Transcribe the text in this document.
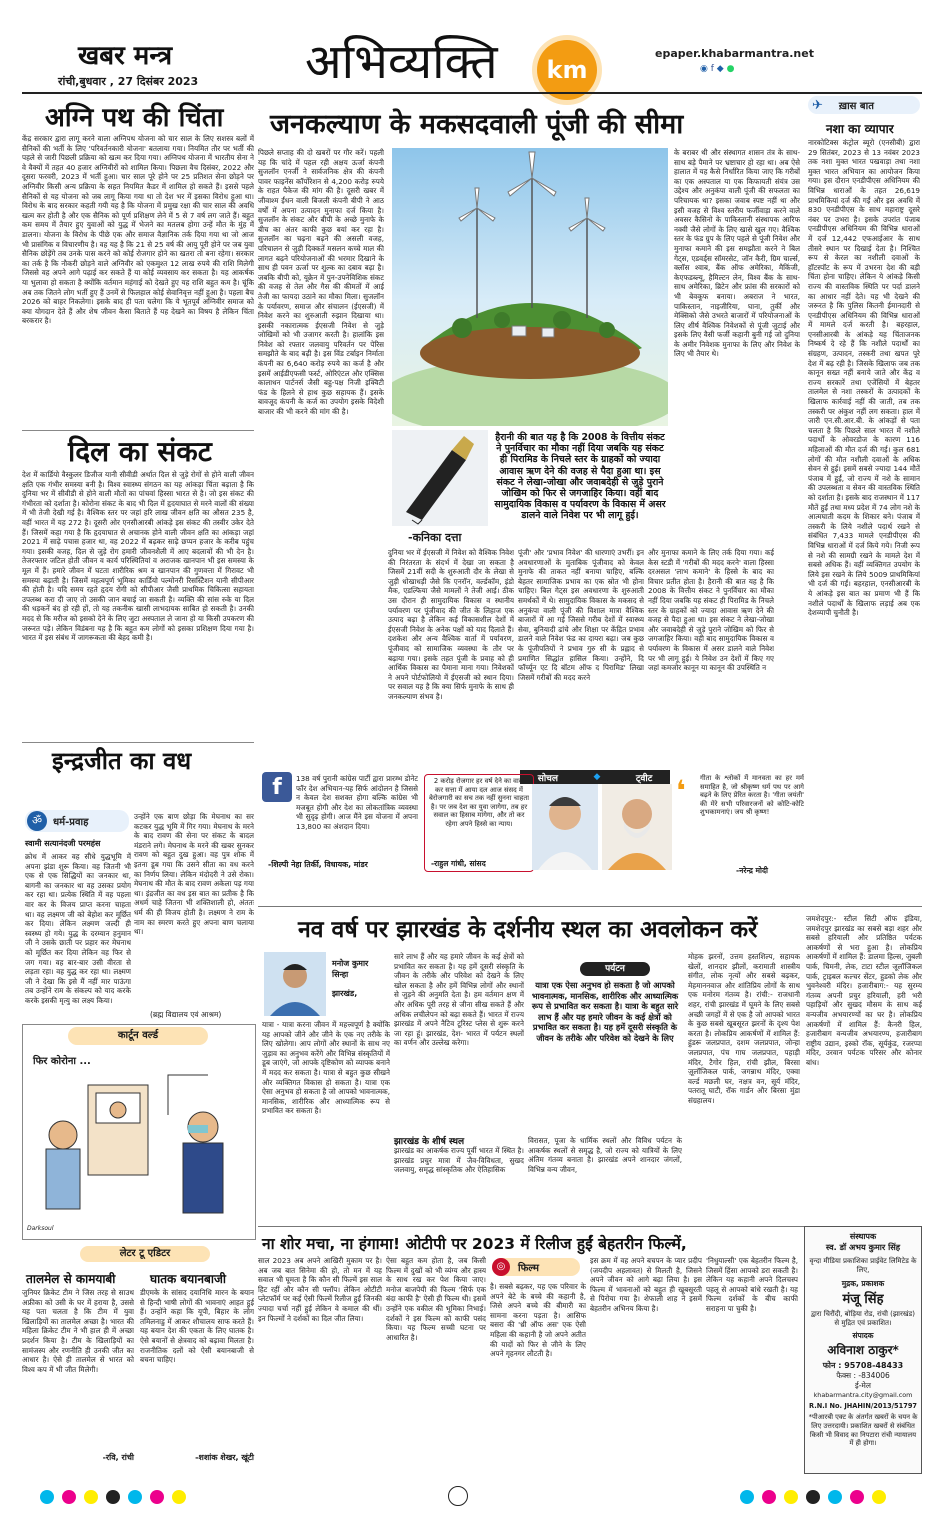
खबर मन्त्र
रांची,बुधवार , 27 दिसंबर 2023 अभिव्यक्ति km
epaper.khabarmantra.net
◉ f ◆ ●
अग्नि पथ की चिंता
केंद्र सरकार द्वारा लागू करने वाला अग्निपथ योजना को चार साल के लिए सशस्त्र बलों में सैनिकों की भर्ती के लिए 'परिवर्तनकारी योजना' बतलाया गया। नियमित तौर पर भर्ती की पहले से जारी पिछली प्रक्रिया को खत्म कर दिया गया। अग्निपथ योजना में भारतीय सेना ने वे वैक्यों में तहत 40 हजार अग्निवीरों को शामिल किया। पिछला वैच दिसंबर, 2022 और दूसरा फरवरी, 2023 में भर्ती हुआ। चार साल पूरे होने पर 25 प्रतिशत सेना छोड़ने पर अग्निवीर किसी अन्य प्रक्रिया के सहत नियमित कैडर में शामिल हो सकते हैं। इससे पहले सैनिकों से यह योजना को जब लागू किया गया था तो देश भर में इसका विरोध हुआ था। विरोध के बाद सरकार कहती गयी यह है कि योजना में प्रमुख रक्षा की चार साल की अवधि खत्म कर होती है और एक सैनिक को पूर्ण प्रशिक्षण लेने में 5 से 7 वर्ष लग जाते हैं। बहुत कम समय में तैयार हुए युवाओं को युद्ध में भेजने का मतलब होगा उन्हें मौत के मुंह में डालना। योजना के विरोध के पीछे एक और समाज वैज्ञानिक तर्क दिया गया था जो आज भी प्रासंगिक व विचारणीय है। वह यह है कि 21 से 25 वर्ष की आयु पूरी होने पर जब युवा सैनिक छोड़ेंगे तब उनके पास करने को कोई रोजगार होने का खतरा तो बना रहेगा। सरकार का तर्क है कि नौकरी छोड़ने वाले अग्निवीर को एकमुश्त 12 लाख रुपये की राशि मिलेगी जिससे वह अपने आगे पढ़ाई कर सकते हैं या कोई व्यवसाय कर सकता है। यह आकर्षक या भुलावा हो सकता है क्योंकि वर्तमान महंगाई को देखते हुए यह राशि बहुत कम है। चूंकि अब तक जितने लोग भर्ती हुए हैं उनमें से फिलहाल कोई सेवानिवृत्त नहीं हुआ है। पहला बैच 2026 को बाहर निकलेगा। इसके बाद ही पता चलेगा कि ये भूतपूर्व अग्निवीर समाज को क्या योगदान देते हैं और शेष जीवन कैसा बिताते हैं यह देखने का विषय है लेकिन चिंता बरकरार है।
दिल का संकट
देश में कार्डियो वैस्कुलर डिजीज यानी सीवीडी अर्थात दिल से जुड़े रोगों से होने वाली जीवन क्षति एक गंभीर समस्या बनी है। विश्व स्वास्थ्य संगठन का यह आंकड़ा चिंता बढ़ाता है कि दुनिया भर में सीवीडी से होने वाली मौतों का पांचवां हिस्सा भारत से है। जो इस संकट की गंभीरता को दर्शाता है। कोरोना संकट के बाद भी दिल में हृदयाघात से मरने वालों की संख्या में भी तेजी देखी गई है। वैश्विक स्तर पर जहां हरि लाख जीवन क्षति का औसत 235 है, वहीं भारत में यह 272 है। दूसरी ओर एनसीआरबी आंकड़े इस संकट की तस्वीर उकेर देते हैं। जिसमें कहा गया है कि हृदयाघात से अचानक होने वाली जीवन क्षति का आंकड़ा जहां 2021 में साढ़े पचास हजार था, वह 2022 में बढ़कर साढ़े छप्पन हजार के करीब पहुंच गया। इसकी वजह, दिल से जुड़े रोग हमारी जीवनशैली में आए बदलावों की भी देन है। तेजरफ्तार जटिल होती जीवन व कार्य परिस्थितियां व अराजक खानपान भी इस समस्या के मूल में हैं। हमारे जीवन में घटता शारीरिक श्रम व खानपान की गुणवत्ता में गिरावट भी समस्या बढ़ाती है। जिसमें महत्वपूर्ण भूमिका कार्डियो पल्मोनरी रिसस्टिेशन यानी सीपीआर की होती है। यदि समय रहते हृदय रोगी को सीपीआर जैसी प्राथमिक चिकित्सा सहायता उपलब्ध करा दी जाए तो उसकी जान बचाई जा सकती है। व्यक्ति की सांस रुके या दिल की धड़कनें बंद हो रही हों, तो यह तकनीक खासी लाभदायक साबित हो सकती है। उनकी मदद से कि मरीज को इसको देने के लिए जुटा अस्पताल ले जाना हो या किसी उपकरण की जरूरत पड़े। लेकिन विडंबना यह है कि बहुत कम लोगों को इसका प्रशिक्षण दिया गया है। भारत में इस संबंध में जागरूकता की बेहद कमी है।
इन्द्रजीत का वध
ॐ	धर्म-प्रवाह
स्वामी सत्यानंदजी परमहंस
क्रोध में आकर वह सीधे युद्धभूमि में अपना झंडा शुरू किया। वह जितनी भी एक से एक सिद्धियों का जनकार था, बागनी का जनकार था वह उसका प्रयोग कर रहा था। प्रत्येक स्थिति में वह पहला वार कर के विजय प्राप्त करना चाहता था। वह लक्ष्मण जी को बेहोश कर मूर्छित कर दिया। लेकिन लक्ष्मण जल्दी ही स्वस्थ्य हो गये। युद्ध के दरम्यान हनुमान जी ने उसके छाती पर प्रहार कर मेघनाथ को मूर्छित कर दिया लेकिन वह फिर से जग गया। वह बार-बार उसी वीरता से लड़ता रहा। वह युद्ध कर रहा था। लक्ष्मण जी ने देखा कि इसे मैं नहीं मार पाऊंगा तब उन्होंने राम के संकल्प को याद करके करके इसकी मृत्यु का लक्ष्य किया।
उन्होंने एक बाण छोड़ा कि मेघनाथ का सर कटकर युद्ध भूमि में गिर गया। मेघनाथ के मरने के बाद रावण की सेना पर संकट के बादल मंडराने लगे। मेघनाथ के मरने की खबर सुनकर रावण को बहुत दुख हुआ। वह पुत्र शोक में इतना डूब गया कि उसने सीता का वध करने का निर्णय लिया। लेकिन मंदोदरी ने उसे रोका। मेघनाथ की मौत के बाद रावण अकेला पड़ गया था। इंद्रजीत का वध इस बात का प्रतीक है कि अधर्म चाहे जितना भी शक्तिशाली हो, अंततः धर्म की ही विजय होती है। लक्ष्मण ने राम के नाम का स्मरण करते हुए अपना बाण चलाया था।
(ब्रह्म विद्यालय एवं आश्रम)
कार्टून वर्ल्ड
फिर कोरोना ...
Darksoul
लेटर टू एडिटर
तालमेल से कामयाबी
जुनियर क्रिकेट टीम ने जिस तरह से साउथ अफ्रीका को उसी के घर में हराया है, उससे यह पता चलता है कि टीम में युवा खिलाड़ियों का तालमेल अच्छा है। भारत की महिला क्रिकेट टीम ने भी हाल ही में अच्छा प्रदर्शन किया है। टीम के खिलाड़ियों का सामंजस्य और रणनीति ही उनकी जीत का आधार है। ऐसे ही तालमेल से भारत को विश्व कप में भी जीत मिलेगी।
-रवि, रांची
घातक बयानबाजी
डीएमके के सांसद दयानिधि मारन के बयान से हिन्दी भाषी लोगों की भावनाएं आहत हुई हैं। उन्होंने कहा कि यूपी, बिहार के लोग तमिलनाडु में आकर शौचालय साफ करते हैं। यह बयान देश की एकता के लिए घातक है। ऐसे बयानों से क्षेत्रवाद को बढ़ावा मिलता है। राजनीतिक दलों को ऐसी बयानबाजी से बचना चाहिए।
-शशांक शेखर, खूंटी
जनकल्याण के मकसदवाली पूंजी की सीमा
पिछले सप्ताह की दो खबरों पर गौर करें। पहली यह कि चांदे में पहल रही अक्षय ऊर्जा कंपनी सुजलॉन एनर्जी ने सार्वजनिक क्षेत्र की कंपनी पावर फाइनेंस कॉर्पोरेशन से 4,200 करोड़ रुपये के राहत पैकेज की मांग की है। दूसरी खबर में जीवाश्म ईंधन वाली बिजली कंपनी बीपी ने आठ वर्षों में अपना उत्पादन मुनाफा दर्ज किया है। सुजलॉन के संकट और बीपी के अच्छे मुनाफे के बीच का अंतर काफी कुछ बयां कर रहा है। सुजलॉन का चढ़ना बढ़ने की असली वजह, परिचालन से जुड़ी दिक्कतें मसलन कच्चे माल की लागत बढ़ने परियोजनाओं की भरमार दिखाने के साथ ही पवन ऊर्जा पर शुल्क का दबाव बढ़ा है। जबकि बीपी को, यूक्रेन में पुन-उपनेविशिक संकट की वजह से तेल और गैस की कीमतों में आई तेजी का फायदा उठाने का मौका मिला। सुजलॉन के पर्यावरण, समाज और संचालन (ईएसजी) में निवेश करने का शुरुआती रुझान दिखाया था। इसकी नकारात्मक ईएसजी निवेश से जुड़े जोखिमों को भी उजागर करती है। हालांकि इस निवेश को रफ्तार जलवायु परिवर्तन पर पेरिस समझौते के बाद बढ़ी है। इस विंड टर्बाइन निर्माता कंपनी का 6,640 करोड़ रुपये का कर्ज है और इसमें आईडीएफसी फर्स्ट, ओरिएंटल और एक्सिस कालाधन पार्टनर्स जैसी बहु-पक्ष निजी इक्विटी फंड के हिलने से हाथ कुछ सहायक हैं। इसके बावजूद कंपनी के कर्ज का उपयोग इसके विदेशी बाजार की भी करने की मांग की है।
-कनिका दत्ता
हैरानी की बात यह है कि 2008 के वित्तीय संकट ने पुनर्विचार का मौका नहीं दिया जबकि यह संकट ही पिरामिड के निचले स्तर के ग्राहकों को ज्यादा आवास ऋण देने की वजह से पैदा हुआ था। इस संकट ने लेखा-जोखा और जवाबदेही से जुड़े पुराने जोखिम को फिर से जगजाहिर किया। वहीं बाद सामुदायिक विकास व पर्यावरण के विकास में असर डालने वाले निवेश पर भी लागू हुई।
दुनिया भर में ईएसजी में निवेश को वैश्विक निवेश की निरंतरता के संदर्भ में देखा जा सकता है जिसमें 21वीं सदी के शुरुआती दौर के लेखा से जुड़ी धोखाधड़ी जैसे कि एनरॉन, वर्ल्डकॉम, इंडो मैक, एडल्फिया जैसे मामलों ने तेजी आई। ठीक उस दौरान ही सामुदायिक विकास व स्थानीय पर्यावरण पर पूंजीवाद की जीत के लिहाज एक उत्पाद बढ़ा है लेकिन कई विकासशील देशों में ईएसजी निवेश के अनेक पक्षों को याद दिलाते हैं। दशकेश और अन्य वैश्विक वार्ता में पर्यावरण, पूंजीवाद को सामाजिक व्यवस्था के तौर पर बढ़ाया गया। इसके तहत पूंजी के प्रवाह को ही आर्थिक विकास का पैमाना माना गया। निवेशकों ने अपने पोर्टफोलियो में ईएसजी को स्थान दिया। पर सवाल यह है कि क्या सिर्फ मुनाफे के साथ ही जनकल्याण संभव है।
पूंजी' और 'प्रभाव निवेश' की धारणाएं उभरीं। इन अवधारणाओं के मुताबिक पूंजीवाद को केवल मुनाफे की ताकत नहीं बनाया चाहिए, बल्कि बेहतर सामाजिक प्रभाव का एक स्रोत भी होना चाहिए। बिल गेट्स इस अवधारणा के शुरुआती समर्थकों में थे। सामुदायिक विकास के मकसद से अनुकंपा वाली पूंजी की विशाल मात्रा वैश्विक बाजारों में आ गई जिससे गरीब देशों में स्वास्थ्य सेवा, बुनियादी ढांचे और शिक्षा पर केंद्रित प्रभाव डालने वाले निवेश फंड का दायरा बढ़ा। जब कुछ के पूंजीपतियों ने प्रभाव गुरु सी के प्रह्लाद से प्रमाणित सिद्धांत हासिल किया। उन्होंने, दि फॉर्च्यून एट दि बॉटम ऑफ द पिरामिड' लिखा जिसमें गरीबों की मदद करने
और मुनाफा कमाने के लिए तर्क दिया गया। कई केस स्टडी में 'गरीबों की मदद करने' वाला हिस्सा दरअसल 'लाभ कमाने' के हिस्से के बाद का विचार प्रतीत होता है। हैरानी की बात यह है कि 2008 के वित्तीय संकट ने पुनर्विचार का मौका नहीं दिया जबकि यह संकट ही पिरामिड के निचले स्तर के ग्राहकों को ज्यादा आवास ऋण देने की वजह से पैदा हुआ था। इस संकट ने लेखा-जोखा और जवाबदेही से जुड़े पुराने जोखिम को फिर से जगजाहिर किया। वही बाद सामुदायिक विकास व पर्यावरण के विकास में असर डालने वाले निवेश पर भी लागू हुई। ये निवेश उन देशों में किए गए जहां कमजोर कानून या कानून की उपस्थिति न
के बराबर थी और संस्थागत शासन तंत्र के साथ-साथ बड़े पैमाने पर भ्रष्टाचार हो रहा था। अब ऐसे हालात में यह कैसे निर्धारित किया जाए कि गरीबों का एक अस्पताल या एक किफायती संयंत्र उस उद्देश्य और अनुकंपा वाली पूंजी की सफलता का परिचायक था? इसका जवाब स्पष्ट नहीं था और इसी वजह से विश्व स्तरीय फर्जीवाड़ा करने वाले अवसर कैसिनो के पाकिस्तानी संस्थापक आरिफ नक्वी जैसे लोगों के लिए खासे खुल गए। वैश्विक स्तर के फंड ग्रुप के लिए पहले से पूंजी निवेश और मुनाफा कमाने की इस समझौता करने ने बिल गेट्स, एडवर्ड्स सॉमरसेट, जॉन कैरी, ग्रिम चार्ल्स, क्लॉस श्वाब, बैंक ऑफ अमेरिका, मैकिंजी, केएफडब्ल्यू, हैमिल्टन लेन, विश्व बैंक के साथ-साथ अमेरिका, ब्रिटेन और फ्रांस की सरकारों को भी बेवकूफ बनाया। अबराज ने भारत, पाकिस्तान, नाइजीरिया, घाना, तुर्की और मेक्सिको जैसे उभरते बाजारों में परियोजनाओं के लिए शीर्ष वैश्विक निवेशकों से पूंजी जुटाई और इसके लिए वैसी फर्जी कहानी बुनी गई जो दुनिया के अमीर निवेशक मुनाफा के लिए और निवेश के लिए भी तैयार थे।
✈ ख़ास बात
नशा का व्यापार
नारकोटिक्स कंट्रोल ब्यूरो (एनसीबी) द्वारा 29 सितंबर, 2023 से 13 नवंबर 2023 तक नशा मुक्त भारत पखवाड़ा तथा नशा मुक्त भारत अभियान का आयोजन किया गया। इस दौरान एनडीपीएस अधिनियम की विभिन्न धाराओं के तहत 26,619 प्राथमिकियां दर्ज की गईं और इस अवधि में 830 एनडीपीएस के साथ महाराष्ट्र दूसरे नंबर पर उभरा है। इसके उपरांत पंजाब एनडीपीएस अधिनियम की विभिन्न धाराओं में दर्ज 12,442 एफआईआर के साथ तीसरे स्थान पर दिखाई देता है। निश्चित रूप से केरल का नशीली दवाओं के हॉटस्पॉट के रूप में उभरना देश की बड़ी चिंता होना चाहिए। लेकिन ये आंकड़े किसी राज्य की वास्तविक स्थिति पर पर्दा डालने का आधार नहीं देते। यह भी देखने की जरूरत है कि पुलिस कितनी ईमानदारी से एनडीपीएस अधिनियम की विभिन्न धाराओं में मामले दर्ज करती है। बहरहाल, एनसीआरबी के आंकड़े यह चिंताजनक निष्कर्ष दे रहे हैं कि नशीले पदार्थों का संग्रहण, उत्पादन, तस्करी तथा खपत पूरे देश में बढ़ रही है। जिसके खिलाफ जब तक कानून सख्त नहीं बनाये जाते और केंद्र व राज्य सरकारें तथा एजेंसियों में बेहतर तालमेल से नशा तस्करों के उत्पादकों के खिलाफ कार्रवाई नहीं की जाती, तब तक तस्करी पर अंकुश नहीं लग सकता। हाल में जारी एन.सी.आर.बी. के आंकड़ों से पता चलता है कि पिछले साल भारत में नशीले पदार्थों के ओवरडोज के कारण 116 महिलाओं की मौत दर्ज की गई। कुल 681 लोगों की मौत नशीली दवाओं के अधिक सेवन से हुई। इसमें सबसे ज्यादा 144 मौतें पंजाब में हुईं, जो राज्य में नशे के सामान की उपलब्धता व सेवन की वास्तविक स्थिति को दर्शाता है। इसके बाद राजस्थान में 117 मौतें हुईं तथा मध्य प्रदेश में 74 लोग नशे के आत्मघाती कदम के शिकार बने। पंजाब में तस्करी के लिये नशीले पदार्थ रखने से संबंधित 7,433 मामले एनडीपीएस की विभिन्न धाराओं में दर्ज किये गये। निजी रूप से नशे की सामग्री रखने के मामले देश में सबसे अधिक हैं। वहीं व्यक्तिगत उपयोग के लिये इस रखने के लिये 5009 प्राथमिकियां भी दर्ज की गईं। बहरहाल, एनसीआरबी के ये आंकड़े इस बात का प्रमाण भी हैं कि नशीले पदार्थों के खिलाफ लड़ाई अब एक देशव्यापी चुनौती है।
सोचल	◆	ट्वीट
f	138 वर्ष पुरानी कांग्रेस पार्टी द्वारा प्रारम्भ डोनेट फॉर देश अभियान-यह सिर्फ आंदोलन है जिससे न केवल देश सशक्त होगा बल्कि कांग्रेस भी मजबूत होगी और देश का लोकतांत्रिक व्यवस्था भी सुदृढ़ होगी। आज मैंने इस योजना में अपना 13,800 का अंशदान दिया।
-शिल्पी नेहा तिर्की, विधायक, मांडर
2 करोड़ रोजगार हर वर्ष देने का वादा कर सत्ता में आया दल आज संसद में बेरोजगारी का सच तक नहीं सुनना चाहता है। पर जब देश का युवा जागेगा, तब हर सवाल का हिसाब मांगेगा, और तो कर रहेगा अपने हिस्से का न्याय।
-राहुल गांधी, सांसद
❛ गीता के श्लोकों में मानवता का हर मर्म समाहित है, जो श्रीकृष्ण धर्म पथ पर आगे बढ़ने के लिए प्रेरित करता है। 'गीता जयंती' की मेरे सभी परिवारजनों को कोटि-कोटि शुभकामनाएं। जय श्री कृष्ण!
-नरेन्द्र मोदी
नव वर्ष पर झारखंड के दर्शनीय स्थल का अवलोकन करें
मनोज कुमार सिन्हा
झारखंड,
यात्रा - यात्रा करना जीवन में महत्त्वपूर्ण है क्योंकि यह आपको जीने और जीने के एक नए तरीके के लिए खोलेगा। आप लोगों और स्थानों के साथ नए जुड़ाव का अनुभव करेंगे और विभिन्न संस्कृतियों में डूब जाएंगे, जो आपके दृष्टिकोण को व्यापक बनाने में मदद कर सकता है। यात्रा से बहुत कुछ सीखने और व्यक्तिगत विकास हो सकता है। यात्रा एक ऐसा अनुभव हो सकता है जो आपको भावनात्मक, मानसिक, शारीरिक और आध्यात्मिक रूप से प्रभावित कर सकता है।
सारे लाभ हैं और यह हमारे जीवन के कई क्षेत्रों को प्रभावित कर सकता है। यह हमें दूसरी संस्कृति के जीवन के तरीके और परिवेश को देखने के लिए खोल सकता है और हमें विभिन्न लोगों और स्थानों से जुड़ने की अनुमति देता है। हम वर्तमान क्षण में और अधिक पूरी तरह से जीना सीख सकते हैं और अधिक लचीलेपन को बढ़ा सकते हैं। भारत में राज्य झारखंड में अपने नैटिव टूरिस्ट प्लेस से शुरू करने जा रहा हूं। झारखंड, देश- भारत में पर्यटन स्थलों का वर्णन और उल्लेख करेगा।
झारखंड के शीर्ष स्थल
झारखंड का आकर्षक राज्य पूर्वी भारत में स्थित है। झारखंड प्रचुर मात्रा में जैव-विविधता, सुखद जलवायु, समृद्ध सांस्कृतिक और ऐतिहासिक
पर्यटन
यात्रा एक ऐसा अनुभव हो सकता है जो आपको भावनात्मक, मानसिक, शारीरिक और आध्यात्मिक रूप से प्रभावित कर सकता है। यात्रा के बहुत सारे लाभ हैं और यह हमारे जीवन के कई क्षेत्रों को प्रभावित कर सकता है। यह हमें दूसरी संस्कृति के जीवन के तरीके और परिवेश को देखने के लिए
विरासत, पूजा के धार्मिक स्थलों और विविध पर्यटन के आकर्षक स्थलों से समृद्ध है, जो राज्य को यात्रियों के लिए अंतिम गंतव्य बनाता है। झारखंड अपने शानदार जंगलों, विभिन्न वन्य जीवन,
मोहक झरनों, उत्तम हस्तशिल्प, सहायक खेलों, शानदार झीलों, करामाती शास्त्रीय संगीत, लोक नृत्यों और सबसे बढ़कर, मेहमाननवाज और शांतिप्रिय लोगों के साथ एक मनोरम गंतव्य है। रांची:- राजधानी शहर, रांची झारखंड में घूमने के लिए सबसे अच्छी जगहों में से एक है जो आपको भारत के कुछ सबसे खूबसूरत झरनों के दृश्य पेश करता है। लोकप्रिय आकर्षणों में शामिल हैं: हुंडरू जलप्रपात, दशम जलप्रपात, जोन्हा जलप्रपात, पंच गाघ जलप्रपात, पहाड़ी मंदिर, टैगोर हिल, रांची झील, बिरसा ज़ूलॉजिकल पार्क, जगन्नाथ मंदिर, एक्वा वर्ल्ड मछली घर, नक्षत्र वन, सूर्य मंदिर, पतरातू घाटी, रॉक गार्डन और बिरसा मुंडा संग्रहालय।
जमशेदपुर:- स्टील सिटी ऑफ इंडिया, जमशेदपुर झारखंड का सबसे बड़ा शहर और सबसे हरियाली और प्रतिष्ठित पर्यटक आकर्षणों से भरा हुआ है। लोकप्रिय आकर्षणों में शामिल हैं: डालमा हिल्स, जुबली पार्क, चिमनी, लेक, टाटा स्टील जूलॉजिकल पार्क, ट्राइबल कल्चर सेंटर, हुडको लेक और भुवनेश्वरी मंदिर। हजारीबाग:- यह सुरम्य गंतव्य अपनी प्रचुर हरियाली, हरी भरी पहाड़ियों और सुखद मौसम के साथ कई वन्यजीव अभयारण्यों का घर है। लोकप्रिय आकर्षणों में शामिल हैं: कैनरी हिल, हजारीबाग वन्यजीव अभयारण्य, हजारीबाग राष्ट्रीय उद्यान, इस्को रॉक, सूर्यकुंड, रजरप्पा मंदिर, उरवान पर्यटक परिसर और कोनार बांध।
ना शोर मचा, ना हंगामा! ओटीपी पर 2023 में रिलीज हुईं बेहतरीन फिल्में,
साल 2023 अब अपने आखिरी मुकाम पर है। अब जब बात सिनेमा की हो, तो मन में यह सवाल भी घूमता है कि कौन सी फिल्में इस साल हिट रहीं और कौन सी फ्लॉप। लेकिन ओटीटी प्लेटफॉर्म पर कई ऐसी फिल्में रिलीज हुईं जिनकी ज्यादा चर्चा नहीं हुई लेकिन वे कमाल की थीं। इन फिल्मों ने दर्शकों का दिल जीत लिया।
ऐसा बहुत कम होता है, जब किसी फिल्म में दुखों को भी व्यंग्य और हास्य के साथ रख कर पेश किया जाए। मनोज बाजपेयी की फिल्म 'सिर्फ एक बंदा काफी है' ऐसी ही फिल्म थी। इसमें उन्होंने एक वकील की भूमिका निभाई। दर्शकों ने इस फिल्म को काफी पसंद किया। यह फिल्म सच्ची घटना पर आधारित है।
◎	फिल्म
है। सबसे बढ़कर, यह एक परिवार के अपने बेटे के बच्चे की कहानी है, जिसे अपने बच्चे की बीमारी का सामना करना पड़ता है। आसिफ बसरा की 'थ्री ऑफ अस' एक ऐसी महिला की कहानी है जो अपने अतीत की यादों को फिर से जीने के लिए अपने गृहनगर लौटती है।
इस क्रम में वह अपने बचपन के प्यार प्रदीप (जयदीप अहलावत) से मिलती है, जिसने अपने जीवन को आगे बढ़ा लिया है। इस फिल्म में भावनाओं को बहुत ही खूबसूरती से पिरोया गया है। शेफाली शाह ने इसमें बेहतरीन अभिनय किया है।
'निधुयाल्सी' एक बेहतरीन फिल्म है, जिसमें हिंसा आपको डरा सकती है। लेकिन यह कहानी अपने दिलचस्प पहलू से आपको बांधे रखती है। यह फिल्म दर्शकों के बीच काफी सराहना पा चुकी है।
संस्थापक
स्व. डॉ अभय कुमार सिंह
वृन्दा मीडिया प्रकाशिका प्राईवेट लिमिटेड के लिए,
मुद्रक, प्रकाशक
मंजू सिंह
द्वारा चिरौंदी, बोड़िया रोड, रांची (झारखंड) से मुद्रित एवं प्रकाशित।
संपादक
अविनाश ठाकुर*
फोन : 95708-48433
फैक्स : -834006
ई-मेल
khabarmantra.city@gmail.com
R.N.I No. JHAHIN/2013/51797
*पीआरबी एक्ट के अंतर्गत खबरों के चयन के लिए उत्तरदायी। प्रकाशित खबरों से संबंधित किसी भी विवाद का निपटारा रांची न्यायालय में ही होगा।
